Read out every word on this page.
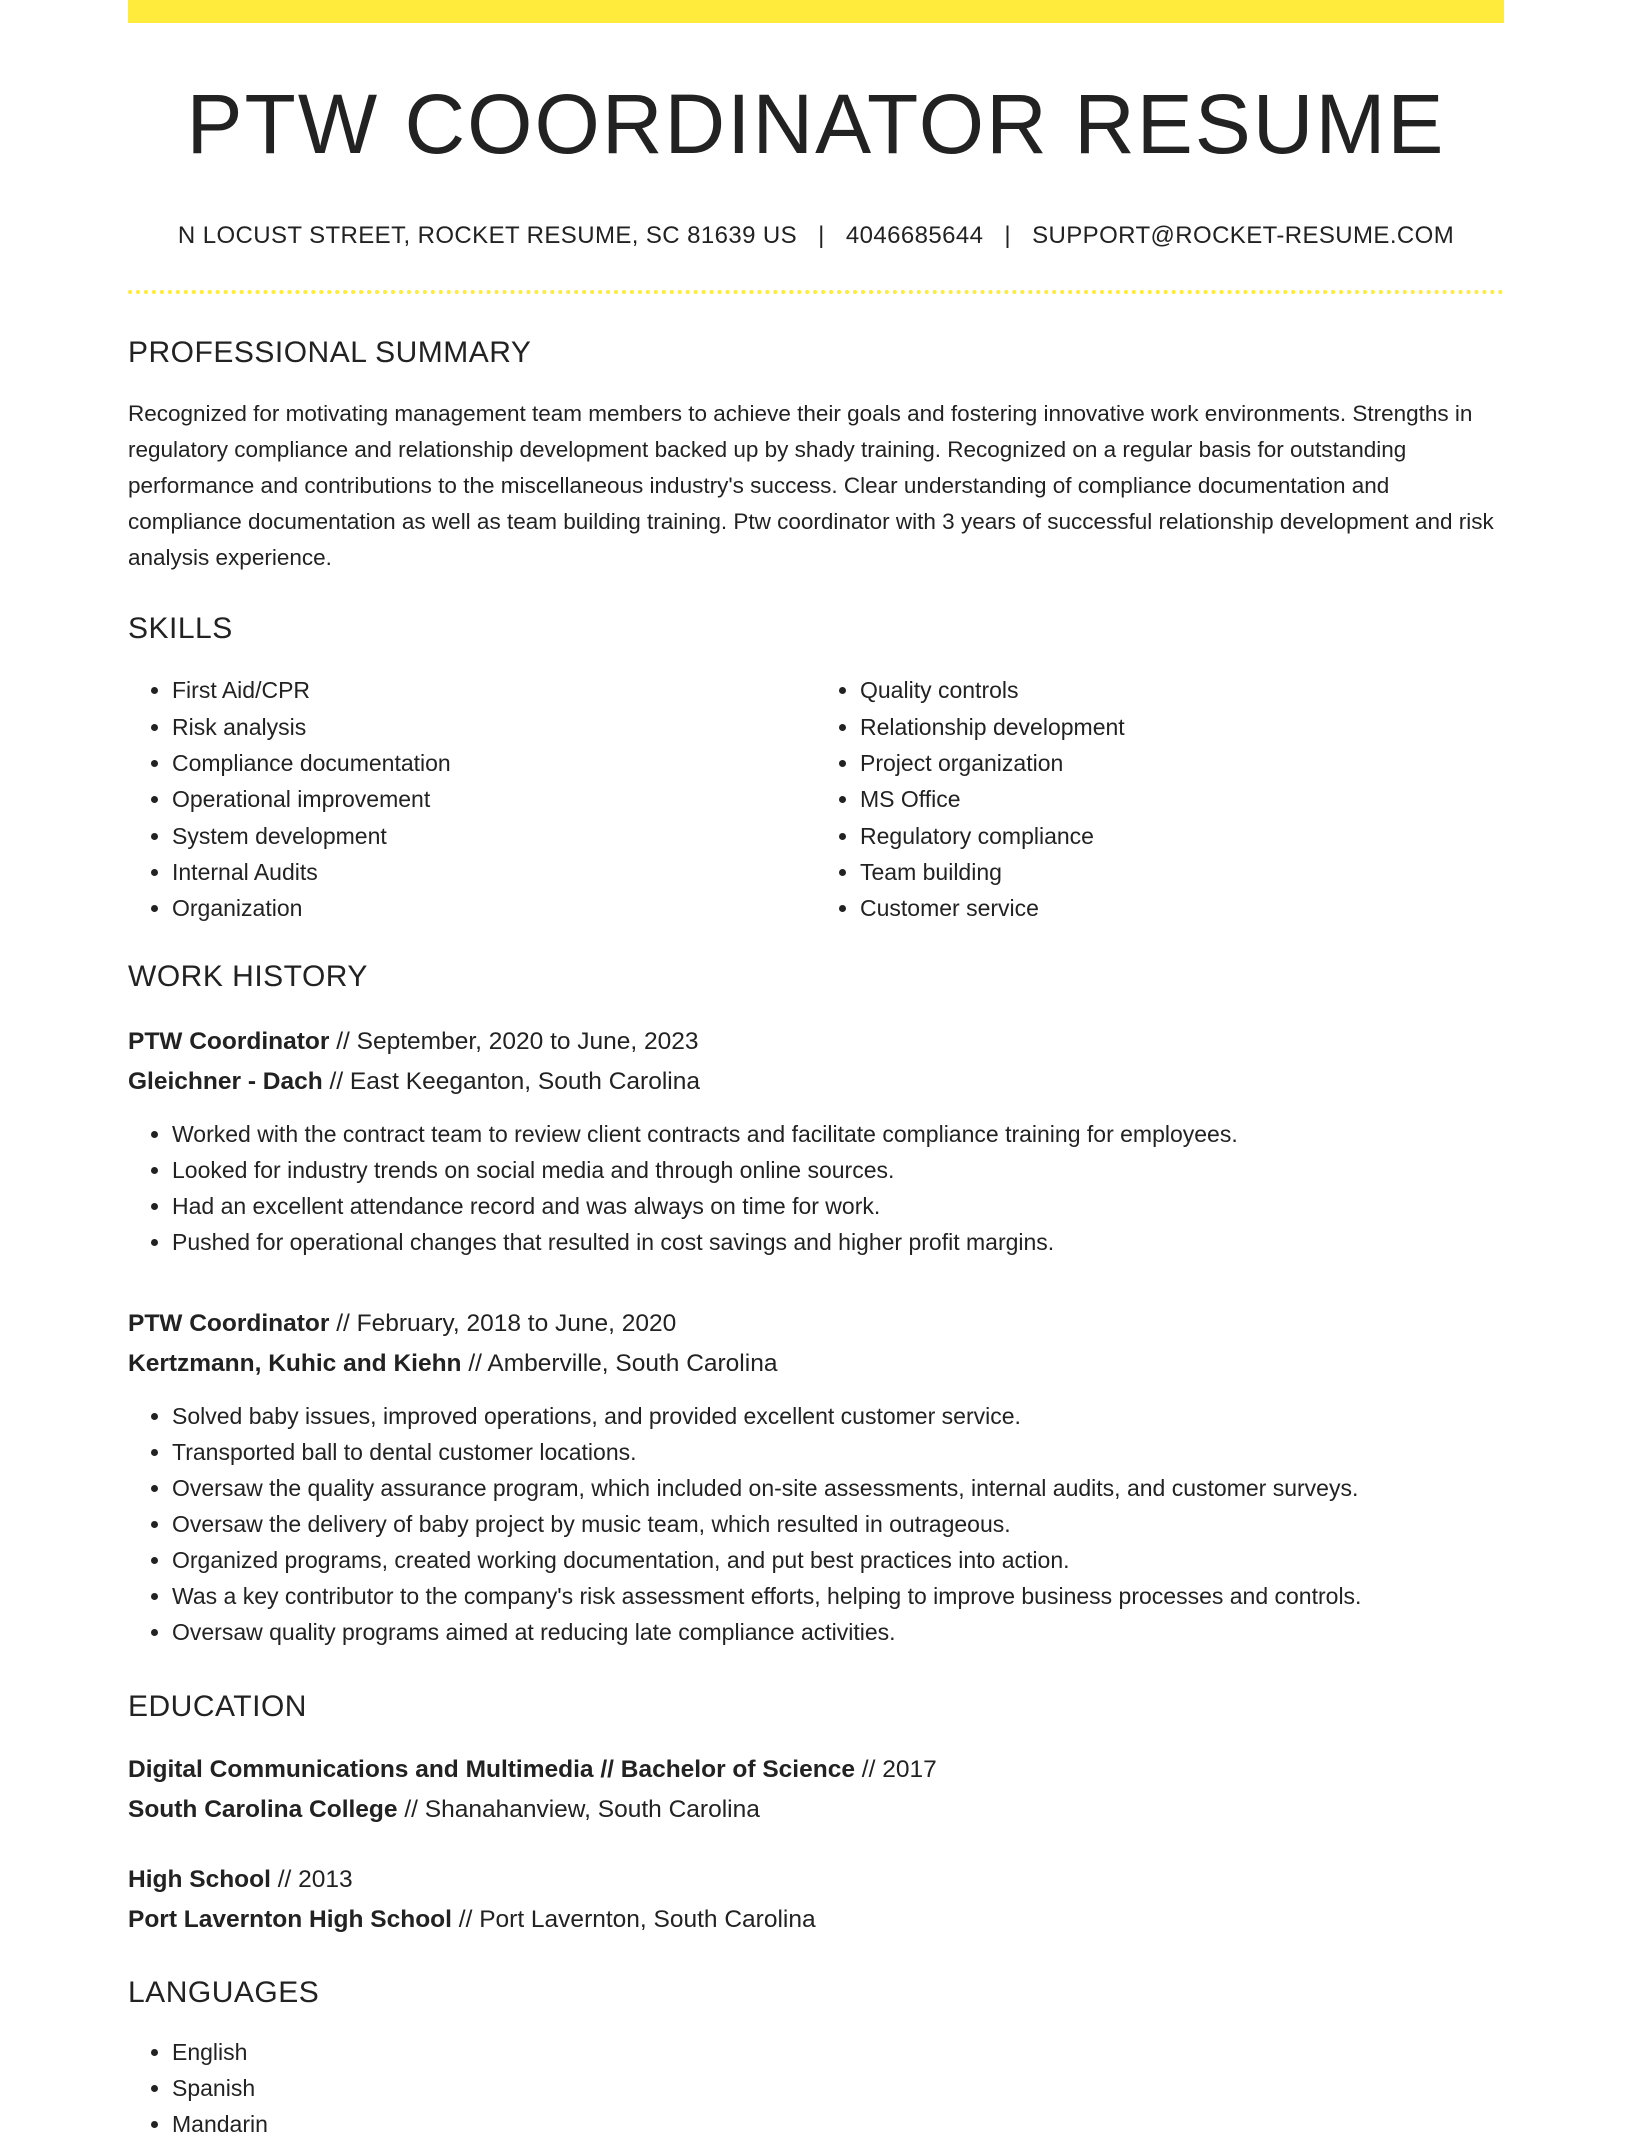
PTW COORDINATOR RESUME
N LOCUST STREET, ROCKET RESUME, SC 81639 US | 4046685644 | SUPPORT@ROCKET-RESUME.COM
PROFESSIONAL SUMMARY

Recognized for motivating management team members to achieve their goals and fostering innovative work environments. Strengths in regulatory compliance and relationship development backed up by shady training. Recognized on a regular basis for outstanding performance and contributions to the miscellaneous industry's success. Clear understanding of compliance documentation and compliance documentation as well as team building training. Ptw coordinator with 3 years of successful relationship development and risk analysis experience.

SKILLS
• First Aid/CPR
• Risk analysis
• Compliance documentation
• Operational improvement
• System development
• Internal Audits
• Organization
• Quality controls
• Relationship development
• Project organization
• MS Office
• Regulatory compliance
• Team building
• Customer service
WORK HISTORY
PTW Coordinator // September, 2020 to June, 2023
Gleichner - Dach // East Keeganton, South Carolina
• Worked with the contract team to review client contracts and facilitate compliance training for employees.
• Looked for industry trends on social media and through online sources.
• Had an excellent attendance record and was always on time for work.
• Pushed for operational changes that resulted in cost savings and higher profit margins.
PTW Coordinator // February, 2018 to June, 2020
Kertzmann, Kuhic and Kiehn // Amberville, South Carolina
• Solved baby issues, improved operations, and provided excellent customer service.
• Transported ball to dental customer locations.
• Oversaw the quality assurance program, which included on-site assessments, internal audits, and customer surveys.
• Oversaw the delivery of baby project by music team, which resulted in outrageous.
• Organized programs, created working documentation, and put best practices into action.
• Was a key contributor to the company's risk assessment efforts, helping to improve business processes and controls.
• Oversaw quality programs aimed at reducing late compliance activities.
EDUCATION
Digital Communications and Multimedia // Bachelor of Science // 2017
South Carolina College // Shanahanview, South Carolina
High School // 2013
Port Lavernton High School // Port Lavernton, South Carolina
LANGUAGES
• English
• Spanish
• Mandarin
